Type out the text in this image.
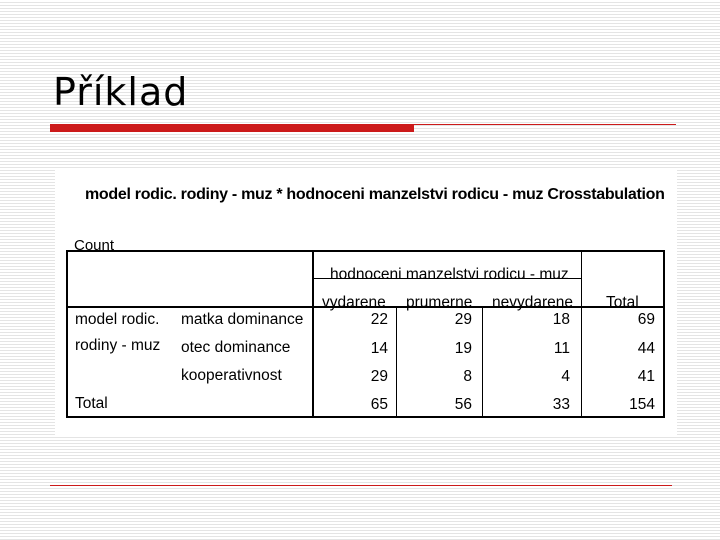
Příklad
model rodic. rodiny - muz * hodnoceni manzelstvi rodicu - muz Crosstabulation
Count
hodnoceni manzelstvi rodicu - muz
vydarene prumerne nevydarene Total
model rodic.
rodiny - muz
matka dominance	22	29	18	69
otec dominance	14	19	11	44
kooperativnost	29	8	4	41
Total	65	56	33	154
